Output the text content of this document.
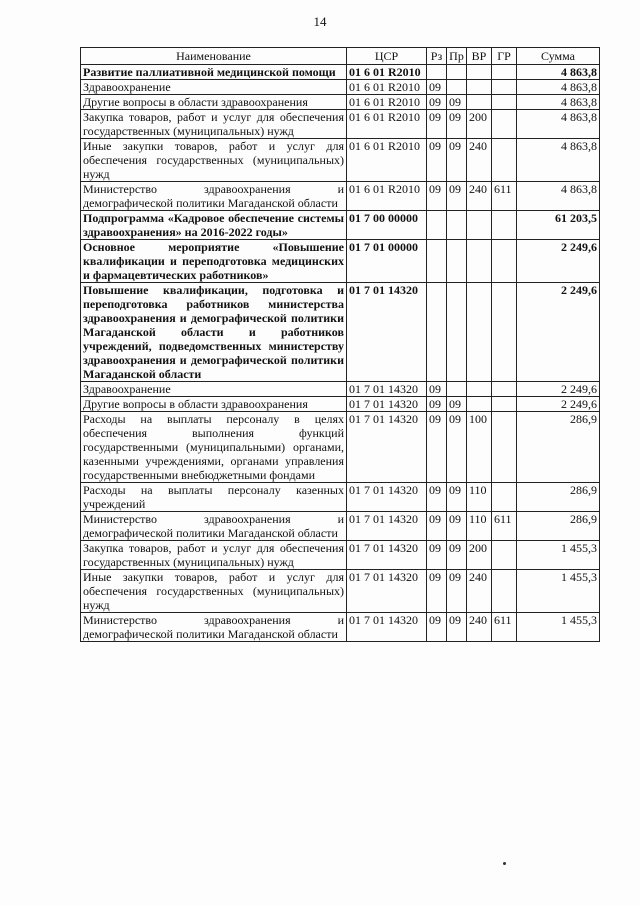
14
Наименование	ЦСР	Рз	Пр	ВР	ГР	Сумма
Развитие паллиативной медицинской помощи	01 6 01 R2010					4 863,8
Здравоохранение	01 6 01 R2010	09				4 863,8
Другие вопросы в области здравоохранения	01 6 01 R2010	09	09			4 863,8
Закупка товаров, работ и услуг для обеспечения государственных (муниципальных) нужд	01 6 01 R2010	09	09	200		4 863,8
Иные закупки товаров, работ и услуг для обеспечения государственных (муниципальных) нужд	01 6 01 R2010	09	09	240		4 863,8
Министерство здравоохранения и демографической политики Магаданской области	01 6 01 R2010	09	09	240	611	4 863,8
Подпрограмма «Кадровое обеспечение системы здравоохранения» на 2016-2022 годы»	01 7 00 00000					61 203,5
Основное мероприятие «Повышение квалификации и переподготовка медицинских и фармацевтических работников»	01 7 01 00000					2 249,6
Повышение квалификации, подготовка и переподготовка работников министерства здравоохранения и демографической политики Магаданской области и работников учреждений, подведомственных министерству здравоохранения и демографической политики Магаданской области	01 7 01 14320					2 249,6
Здравоохранение	01 7 01 14320	09				2 249,6
Другие вопросы в области здравоохранения	01 7 01 14320	09	09			2 249,6
Расходы на выплаты персоналу в целях обеспечения выполнения функций государственными (муниципальными) органами, казенными учреждениями, органами управления государственными внебюджетными фондами	01 7 01 14320	09	09	100		286,9
Расходы на выплаты персоналу казенных учреждений	01 7 01 14320	09	09	110		286,9
Министерство здравоохранения и демографической политики Магаданской области	01 7 01 14320	09	09	110	611	286,9
Закупка товаров, работ и услуг для обеспечения государственных (муниципальных) нужд	01 7 01 14320	09	09	200		1 455,3
Иные закупки товаров, работ и услуг для обеспечения государственных (муниципальных) нужд	01 7 01 14320	09	09	240		1 455,3
Министерство здравоохранения и демографической политики Магаданской области	01 7 01 14320	09	09	240	611	1 455,3
